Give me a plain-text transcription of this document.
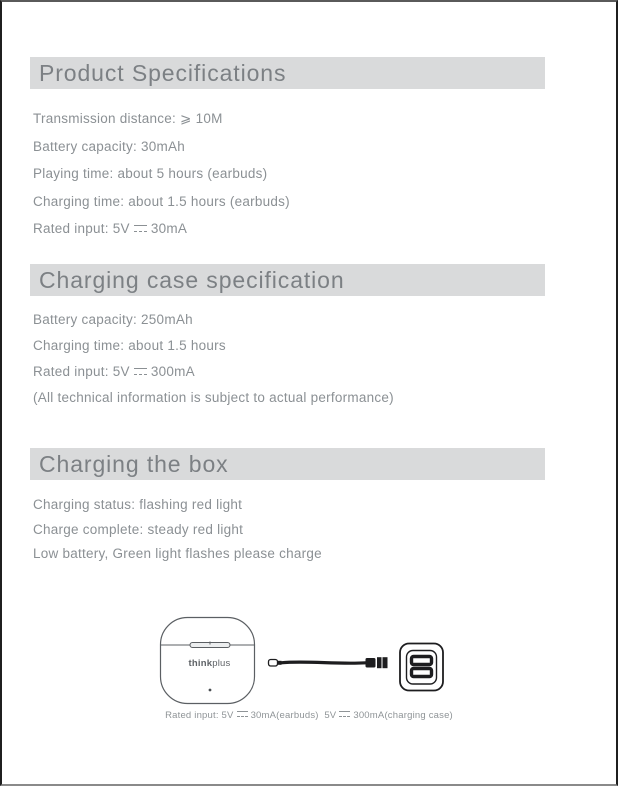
Product Specifications

Transmission distance: ⩾ 10M

Battery capacity: 30mAh

Playing time: about 5 hours (earbuds)

Charging time: about 1.5 hours (earbuds)

Rated input: 5V 30mA

Charging case specification

Battery capacity: 250mAh

Charging time: about 1.5 hours

Rated input: 5V 300mA

(All technical information is subject to actual performance)

Charging the box

Charging status: flashing red light

Charge complete: steady red light

Low battery, Green light flashes please charge

thinkplus
Rated input: 5V 30mA(earbuds)  5V 300mA(charging case)
